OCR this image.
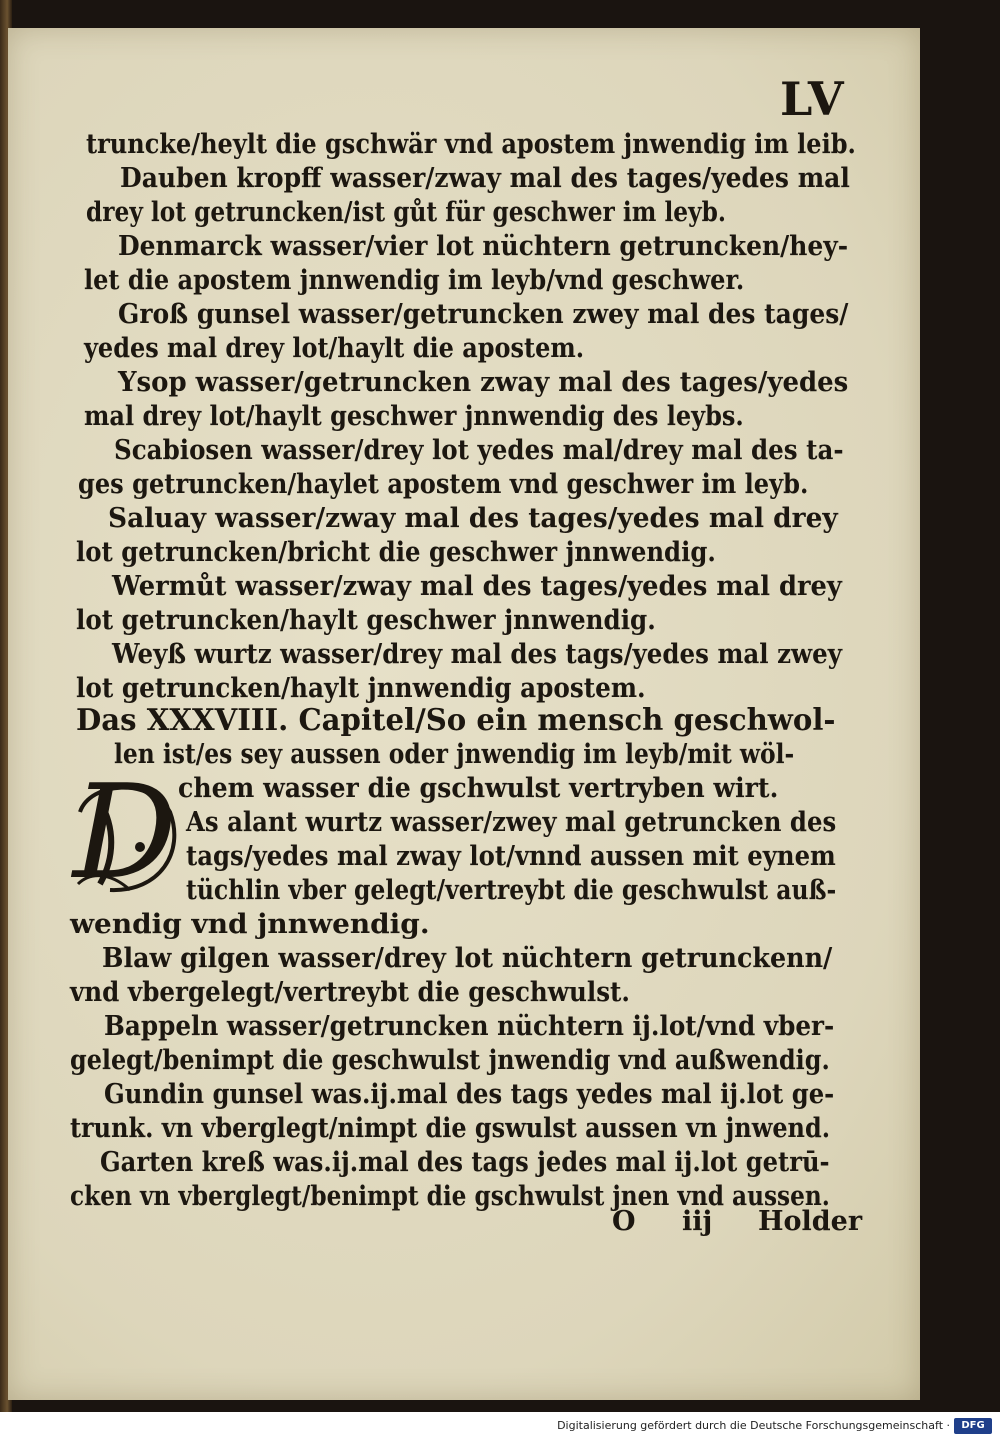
LV
truncke/heylt die gschwär vnd apostem jnwendig im leib.
Dauben kropff wasser/zway mal des tages/yedes mal
drey lot getruncken/ist gůt für geschwer im leyb.
Denmarck wasser/vier lot nüchtern getruncken/hey-
let die apostem jnnwendig im leyb/vnd geschwer.
Groß gunsel wasser/getruncken zwey mal des tages/
yedes mal drey lot/haylt die apostem.
Ysop wasser/getruncken zway mal des tages/yedes
mal drey lot/haylt geschwer jnnwendig des leybs.
Scabiosen wasser/drey lot yedes mal/drey mal des ta-
ges getruncken/haylet apostem vnd geschwer im leyb.
Saluay wasser/zway mal des tages/yedes mal drey
lot getruncken/bricht die geschwer jnnwendig.
Wermůt wasser/zway mal des tages/yedes mal drey
lot getruncken/haylt geschwer jnnwendig.
Weyß wurtz wasser/drey mal des tags/yedes mal zwey
lot getruncken/haylt jnnwendig apostem.
Das XXXVIII. Capitel/So ein mensch geschwol-
len ist/es sey aussen oder jnwendig im leyb/mit wöl-
chem wasser die gschwulst vertryben wirt.
D As alant wurtz wasser/zwey mal getruncken des
tags/yedes mal zway lot/vnnd aussen mit eynem
tüchlin vber gelegt/vertreybt die geschwulst auß-
wendig vnd jnnwendig.
Blaw gilgen wasser/drey lot nüchtern getrunckenn/
vnd vbergelegt/vertreybt die geschwulst.
Bappeln wasser/getruncken nüchtern ij.lot/vnd vber-
gelegt/benimpt die geschwulst jnwendig vnd außwendig.
Gundin gunsel was.ij.mal des tags yedes mal ij.lot ge-
trunk. vn vberglegt/nimpt die gswulst aussen vn jnwend.
Garten kreß was.ij.mal des tags jedes mal ij.lot getrū-
cken vn vberglegt/benimpt die gschwulst jnen vnd aussen.
O iij Holder
Digitalisierung gefördert durch die Deutsche Forschungsgemeinschaft ·	DFG
